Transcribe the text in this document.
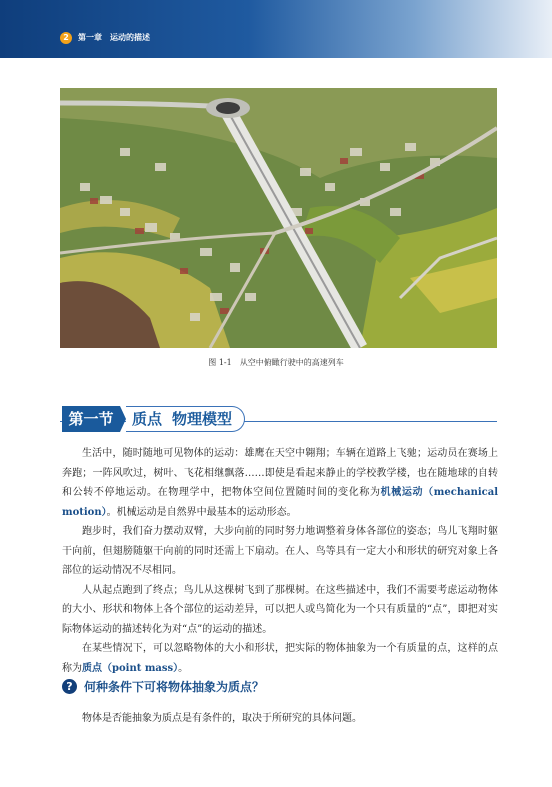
2	第一章 运动的描述
图 1-1 从空中俯瞰行驶中的高速列车
第一节	质点 物理模型

生活中，随时随地可见物体的运动：雄鹰在天空中翱翔；车辆在道路上飞驰；运动员在赛场上奔跑；一阵风吹过，树叶、飞花相继飘落……即使是看起来静止的学校教学楼，也在随地球的自转和公转不停地运动。在物理学中，把物体空间位置随时间的变化称为机械运动（mechanical motion）。机械运动是自然界中最基本的运动形态。

跑步时，我们奋力摆动双臂，大步向前的同时努力地调整着身体各部位的姿态；鸟儿飞翔时躯干向前，但翅膀随躯干向前的同时还需上下扇动。在人、鸟等具有一定大小和形状的研究对象上各部位的运动情况不尽相同。

人从起点跑到了终点；鸟儿从这棵树飞到了那棵树。在这些描述中，我们不需要考虑运动物体的大小、形状和物体上各个部位的运动差异，可以把人或鸟简化为一个只有质量的“点”，即把对实际物体运动的描述转化为对“点”的运动的描述。

在某些情况下，可以忽略物体的大小和形状，把实际的物体抽象为一个有质量的点，这样的点称为质点（point mass）。

? 何种条件下可将物体抽象为质点？
物体是否能抽象为质点是有条件的，取决于所研究的具体问题。
